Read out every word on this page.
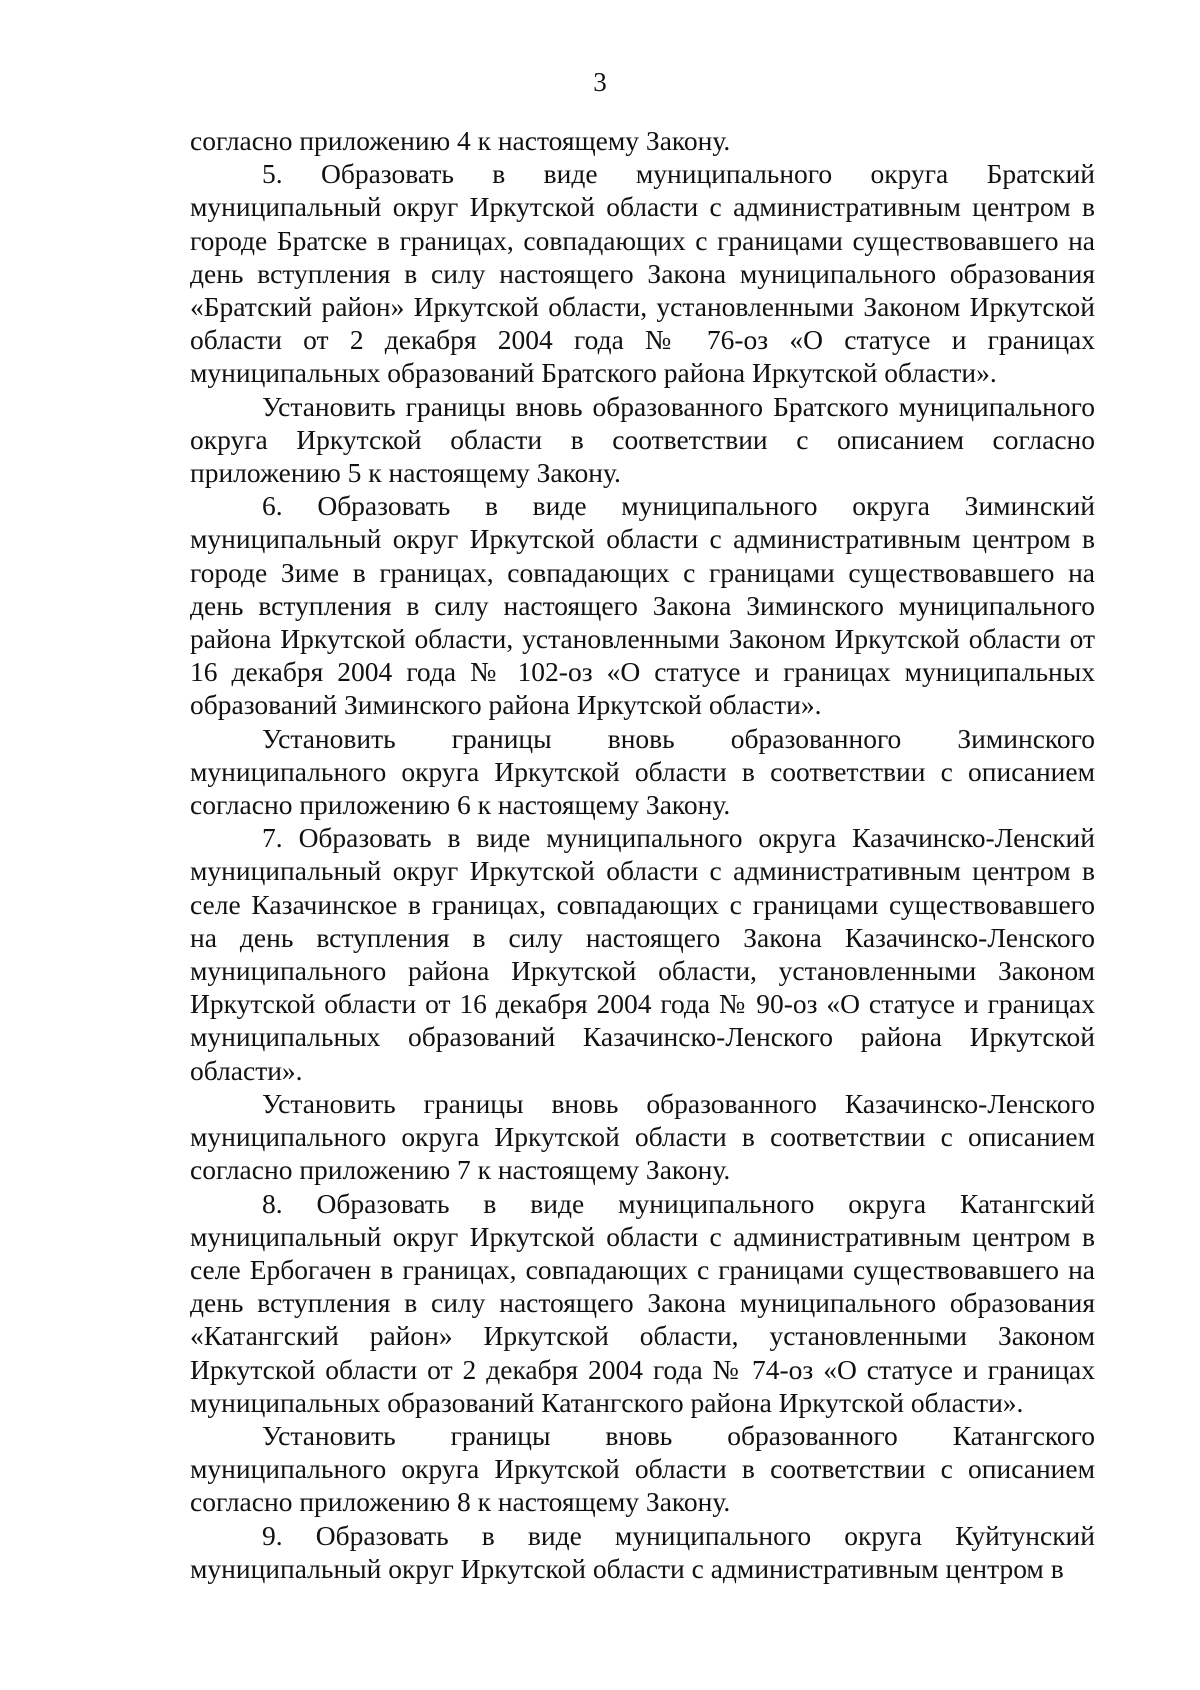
3

согласно приложению 4 к настоящему Закону.

5. Образовать в виде муниципального округа Братский муниципальный округ Иркутской области с административным центром в городе Братске в границах, совпадающих с границами существовавшего на день вступления в силу настоящего Закона муниципального образования «Братский район» Иркутской области, установленными Законом Иркутской области от 2 декабря 2004 года № 76-оз «О статусе и границах муниципальных образований Братского района Иркутской области».

Установить границы вновь образованного Братского муниципального округа Иркутской области в соответствии с описанием согласно приложению 5 к настоящему Закону.

6. Образовать в виде муниципального округа Зиминский муниципальный округ Иркутской области с административным центром в городе Зиме в границах, совпадающих с границами существовавшего на день вступления в силу настоящего Закона Зиминского муниципального района Иркутской области, установленными Законом Иркутской области от 16 декабря 2004 года № 102-оз «О статусе и границах муниципальных образований Зиминского района Иркутской области».

Установить границы вновь образованного Зиминского муниципального округа Иркутской области в соответствии с описанием согласно приложению 6 к настоящему Закону.

7. Образовать в виде муниципального округа Казачинско-Ленский муниципальный округ Иркутской области с административным центром в селе Казачинское в границах, совпадающих с границами существовавшего на день вступления в силу настоящего Закона Казачинско-Ленского муниципального района Иркутской области, установленными Законом Иркутской области от 16 декабря 2004 года № 90-оз «О статусе и границах муниципальных образований Казачинско-Ленского района Иркутской области».

Установить границы вновь образованного Казачинско-Ленского муниципального округа Иркутской области в соответствии с описанием согласно приложению 7 к настоящему Закону.

8. Образовать в виде муниципального округа Катангский муниципальный округ Иркутской области с административным центром в селе Ербогачен в границах, совпадающих с границами существовавшего на день вступления в силу настоящего Закона муниципального образования «Катангский район» Иркутской области, установленными Законом Иркутской области от 2 декабря 2004 года № 74-оз «О статусе и границах муниципальных образований Катангского района Иркутской области».

Установить границы вновь образованного Катангского муниципального округа Иркутской области в соответствии с описанием согласно приложению 8 к настоящему Закону.

9. Образовать в виде муниципального округа Куйтунский муниципальный округ Иркутской области с административным центром в
